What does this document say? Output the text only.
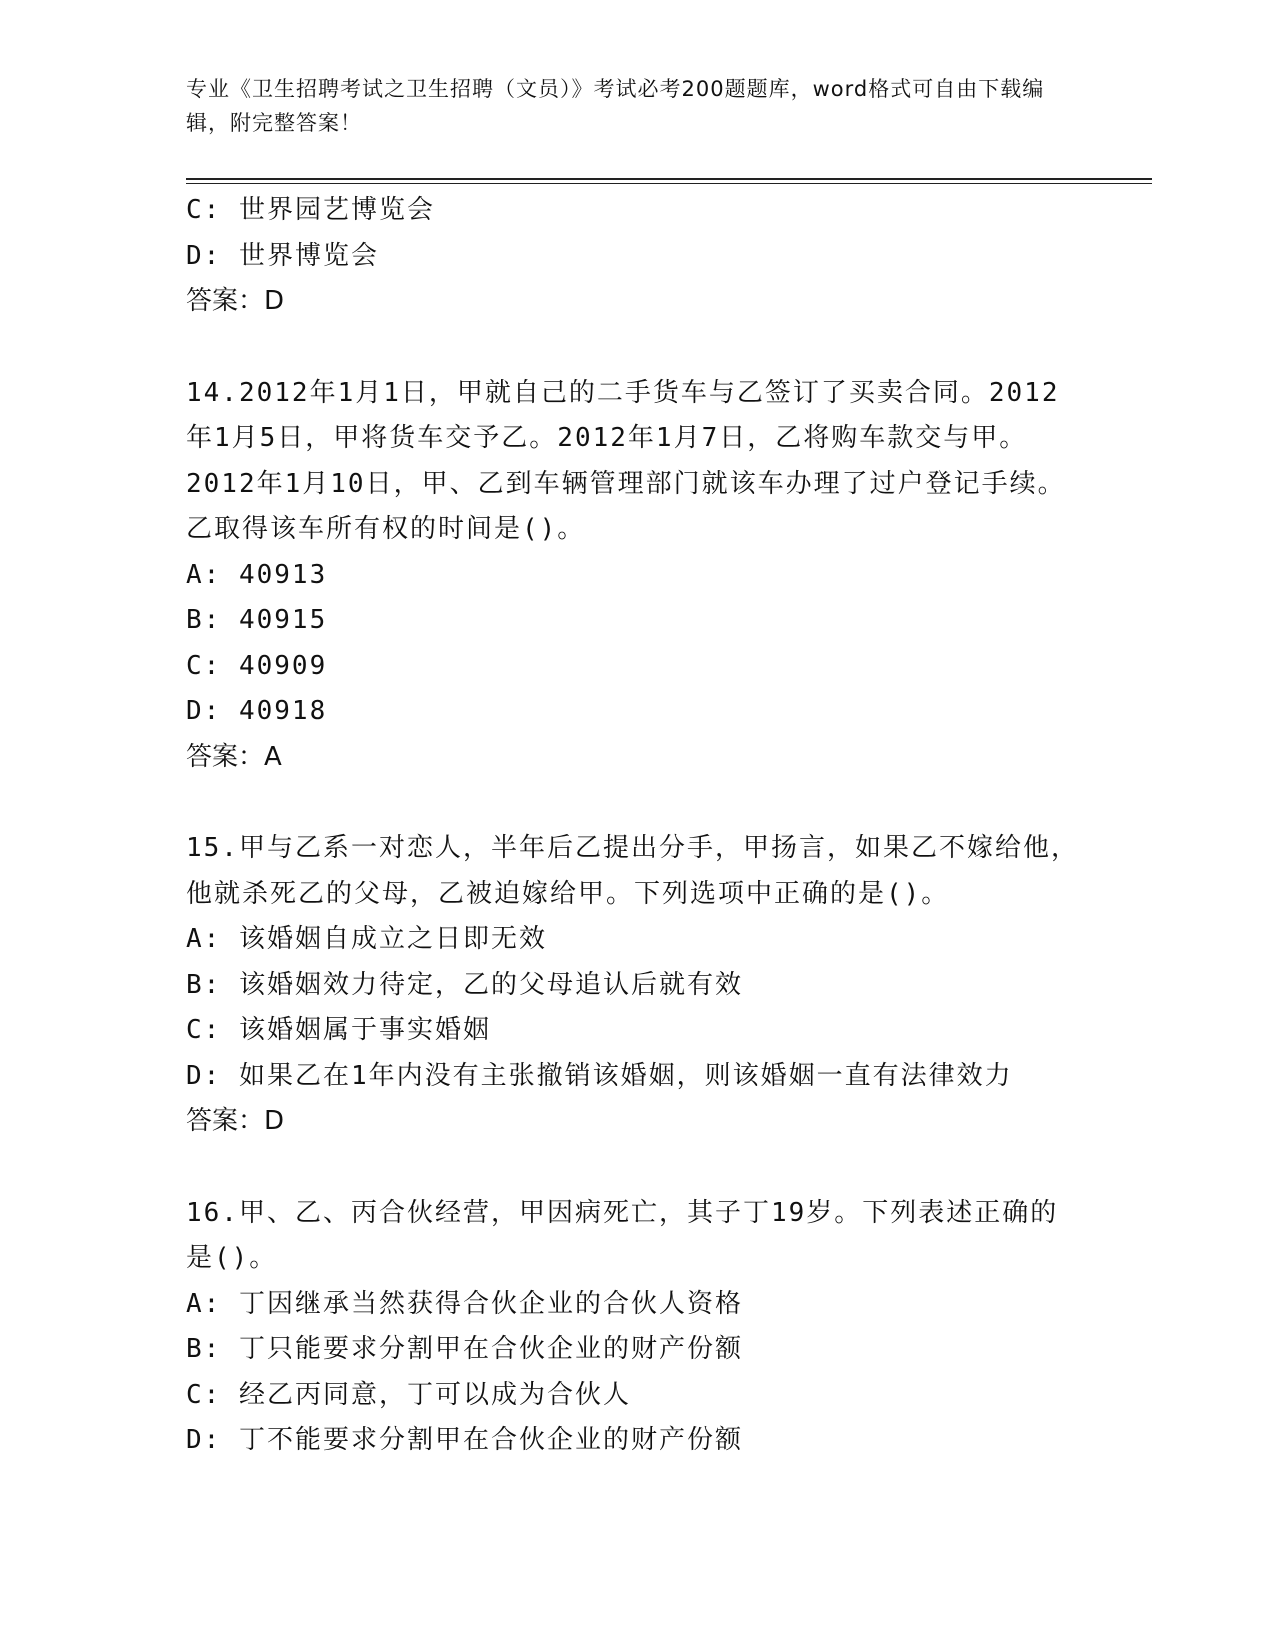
专业《卫生招聘考试之卫生招聘（文员）》考试必考200题题库，word格式可自由下载编辑，附完整答案！
C: 世界园艺博览会
D: 世界博览会
答案：D
14.2012年1月1日，甲就自己的二手货车与乙签订了买卖合同。2012年1月5日，甲将货车交予乙。2012年1月7日，乙将购车款交与甲。2012年1月10日，甲、乙到车辆管理部门就该车办理了过户登记手续。乙取得该车所有权的时间是()。
A: 40913
B: 40915
C: 40909
D: 40918
答案：A
15.甲与乙系一对恋人，半年后乙提出分手，甲扬言，如果乙不嫁给他，他就杀死乙的父母，乙被迫嫁给甲。下列选项中正确的是()。
A: 该婚姻自成立之日即无效
B: 该婚姻效力待定，乙的父母追认后就有效
C: 该婚姻属于事实婚姻
D: 如果乙在1年内没有主张撤销该婚姻，则该婚姻一直有法律效力
答案：D
16.甲、乙、丙合伙经营，甲因病死亡，其子丁19岁。下列表述正确的是()。
A: 丁因继承当然获得合伙企业的合伙人资格
B: 丁只能要求分割甲在合伙企业的财产份额
C: 经乙丙同意，丁可以成为合伙人
D: 丁不能要求分割甲在合伙企业的财产份额
